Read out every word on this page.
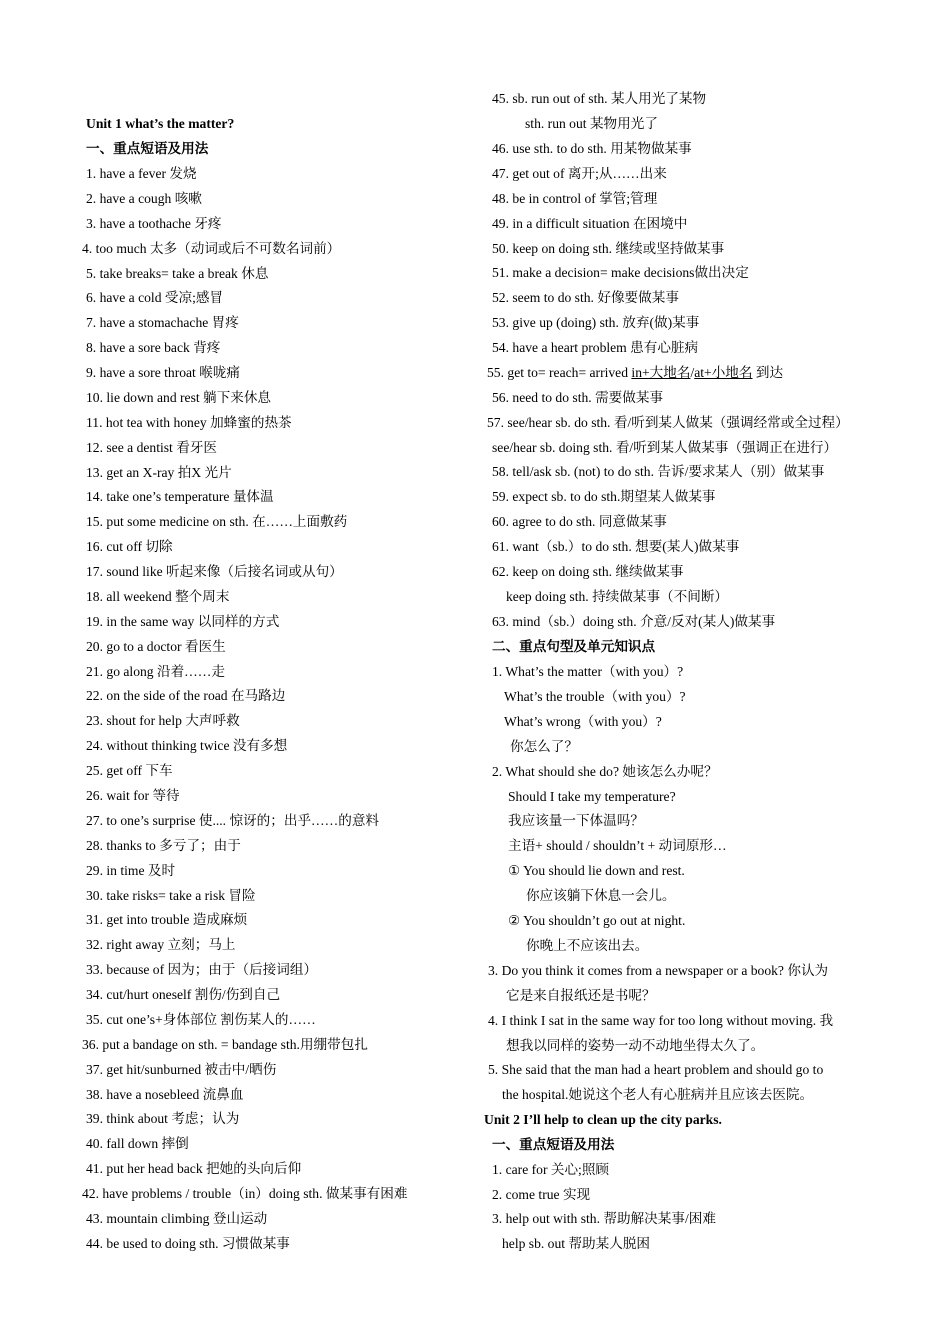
Unit 1 what’s the matter?
一、重点短语及用法
1. have a fever 发烧
2. have a cough 咳嗽
3. have a toothache 牙疼
4. too much 太多（动词或后不可数名词前）
5. take breaks= take a break 休息
6. have a cold 受凉;感冒
7. have a stomachache 胃疼
8. have a sore back 背疼
9. have a sore throat 喉咙痛
10. lie down and rest 躺下来休息
11. hot tea with honey 加蜂蜜的热茶
12. see a dentist 看牙医
13. get an X-ray 拍X 光片
14. take one’s temperature 量体温
15. put some medicine on sth. 在……上面敷药
16. cut off 切除
17. sound like 听起来像（后接名词或从句）
18. all weekend 整个周末
19. in the same way 以同样的方式
20. go to a doctor 看医生
21. go along 沿着……走
22. on the side of the road 在马路边
23. shout for help 大声呼救
24. without thinking twice 没有多想
25. get off 下车
26. wait for 等待
27. to one’s surprise 使.... 惊讶的；出乎……的意料
28. thanks to 多亏了；由于
29. in time 及时
30. take risks= take a risk 冒险
31. get into trouble 造成麻烦
32. right away 立刻；马上
33. because of 因为；由于（后接词组）
34. cut/hurt oneself 割伤/伤到自己
35. cut one’s+身体部位 割伤某人的……
36. put a bandage on sth. = bandage sth.用绷带包扎
37. get hit/sunburned 被击中/晒伤
38. have a nosebleed 流鼻血
39. think about 考虑；认为
40. fall down 摔倒
41. put her head back 把她的头向后仰
42. have problems / trouble（in）doing sth. 做某事有困难
43. mountain climbing 登山运动
44. be used to doing sth. 习惯做某事
45. sb. run out of sth. 某人用光了某物
sth. run out 某物用光了
46. use sth. to do sth. 用某物做某事
47. get out of 离开;从……出来
48. be in control of 掌管;管理
49. in a difficult situation 在困境中
50. keep on doing sth. 继续或坚持做某事
51. make a decision= make decisions做出决定
52. seem to do sth. 好像要做某事
53. give up (doing) sth. 放弃(做)某事
54. have a heart problem 患有心脏病
55. get to= reach= arrived in+大地名/at+小地名 到达
56. need to do sth. 需要做某事
57. see/hear sb. do sth. 看/听到某人做某（强调经常或全过程）
see/hear sb. doing sth. 看/听到某人做某事（强调正在进行）
58. tell/ask sb. (not) to do sth. 告诉/要求某人（别）做某事
59. expect sb. to do sth.期望某人做某事
60. agree to do sth. 同意做某事
61. want（sb.）to do sth. 想要(某人)做某事
62. keep on doing sth. 继续做某事
keep doing sth. 持续做某事（不间断）
63. mind（sb.）doing sth. 介意/反对(某人)做某事
二、重点句型及单元知识点
1. What’s the matter（with you）?
What’s the trouble（with you）?
What’s wrong（with you）?
你怎么了？
2. What should she do? 她该怎么办呢？
Should I take my temperature?
我应该量一下体温吗？
主语+ should / shouldn’t + 动词原形…
① You should lie down and rest.
你应该躺下休息一会儿。
② You shouldn’t go out at night.
你晚上不应该出去。
3. Do you think it comes from a newspaper or a book? 你认为
它是来自报纸还是书呢？
4. I think I sat in the same way for too long without moving. 我
想我以同样的姿势一动不动地坐得太久了。
5. She said that the man had a heart problem and should go to
the hospital.她说这个老人有心脏病并且应该去医院。
Unit 2 I’ll help to clean up the city parks.
一、重点短语及用法
1. care for 关心;照顾
2. come true 实现
3. help out with sth. 帮助解决某事/困难
help sb. out 帮助某人脱困
